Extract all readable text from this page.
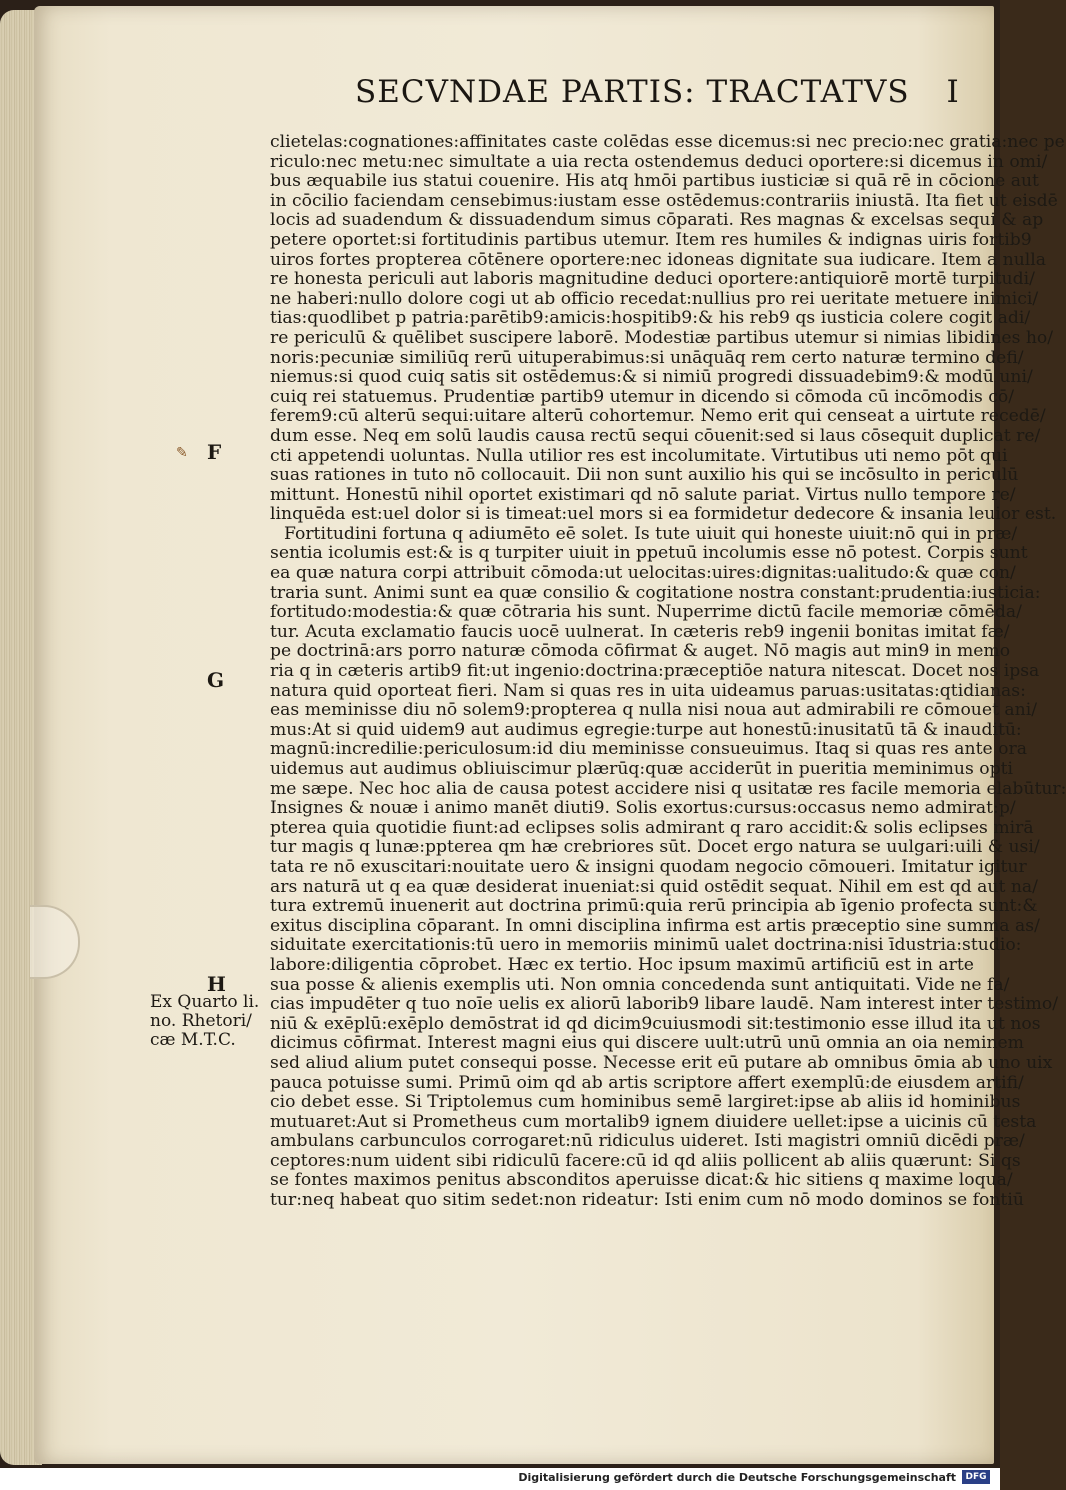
SECVNDAE PARTIS: TRACTATVS I
✎ F
G
H
Ex Quarto li.
no. Rhetori/
cæ M.T.C.
clietelas:cognationes:affinitates caste colēdas esse dicemus:si nec precio:nec gratia:nec pe
riculo:nec metu:nec simultate a uia recta ostendemus deduci oportere:si dicemus in omi/
bus æquabile ius statui couenire. His atq hmōi partibus iusticiæ si quā rē in cōcione aut
in cōcilio faciendam censebimus:iustam esse ostēdemus:contrariis iniustā. Ita fiet ut eisdē
locis ad suadendum & dissuadendum simus cōparati. Res magnas & excelsas sequi & ap
petere oportet:si fortitudinis partibus utemur. Item res humiles & indignas uiris fortib9
uiros fortes propterea cōtēnere oportere:nec idoneas dignitate sua iudicare. Item a nulla
re honesta periculi aut laboris magnitudine deduci oportere:antiquiorē mortē turpitudi/
ne haberi:nullo dolore cogi ut ab officio recedat:nullius pro rei ueritate metuere inimici/
tias:quodlibet p patria:parētib9:amicis:hospitib9:& his reb9 qs iusticia colere cogit adi/
re periculū & quēlibet suscipere laborē. Modestiæ partibus utemur si nimias libidines ho/
noris:pecuniæ similiūq rerū uituperabimus:si unāquāq rem certo naturæ termino defi/
niemus:si quod cuiq satis sit ostēdemus:& si nimiū progredi dissuadebim9:& modū uni/
cuiq rei statuemus. Prudentiæ partib9 utemur in dicendo si cōmoda cū incōmodis cō/
ferem9:cū alterū sequi:uitare alterū cohortemur. Nemo erit qui censeat a uirtute recedē/
dum esse. Neq em solū laudis causa rectū sequi cōuenit:sed si laus cōsequit duplicat re/
cti appetendi uoluntas. Nulla utilior res est incolumitate. Virtutibus uti nemo pōt qui
suas rationes in tuto nō collocauit. Dii non sunt auxilio his qui se incōsulto in periculū
mittunt. Honestū nihil oportet existimari qd nō salute pariat. Virtus nullo tempore re/
linquēda est:uel dolor si is timeat:uel mors si ea formidetur dedecore & insania leuior est.
Fortitudini fortuna q adiumēto eē solet. Is tute uiuit qui honeste uiuit:nō qui in præ/
sentia icolumis est:& is q turpiter uiuit in ppetuū incolumis esse nō potest. Corpis sunt
ea quæ natura corpi attribuit cōmoda:ut uelocitas:uires:dignitas:ualitudo:& quæ con/
traria sunt. Animi sunt ea quæ consilio & cogitatione nostra constant:prudentia:iusticia:
fortitudo:modestia:& quæ cōtraria his sunt. Nuperrime dictū facile memoriæ cōmēda/
tur. Acuta exclamatio faucis uocē uulnerat. In cæteris reb9 ingenii bonitas imitat fæ/
pe doctrinā:ars porro naturæ cōmoda cōfirmat & auget. Nō magis aut min9 in memo
ria q in cæteris artib9 fit:ut ingenio:doctrina:præceptiōe natura nitescat. Docet nos ipsa
natura quid oporteat fieri. Nam si quas res in uita uideamus paruas:usitatas:qtidianas:
eas meminisse diu nō solem9:propterea q nulla nisi noua aut admirabili re cōmouet ani/
mus:At si quid uidem9 aut audimus egregie:turpe aut honestū:inusitatū tā & inauditū:
magnū:incredilie:periculosum:id diu meminisse consueuimus. Itaq si quas res ante ora
uidemus aut audimus obliuiscimur plærūq:quæ acciderūt in pueritia meminimus opti
me sæpe. Nec hoc alia de causa potest accidere nisi q usitatæ res facile memoria elabūtur:
Insignes & nouæ i animo manēt diuti9. Solis exortus:cursus:occasus nemo admirat:p/
pterea quia quotidie fiunt:ad eclipses solis admirant q raro accidit:& solis eclipses mirā
tur magis q lunæ:ppterea qm hæ crebriores sūt. Docet ergo natura se uulgari:uili & usi/
tata re nō exuscitari:nouitate uero & insigni quodam negocio cōmoueri. Imitatur igitur
ars naturā ut q ea quæ desiderat inueniat:si quid ostēdit sequat. Nihil em est qd aut na/
tura extremū inuenerit aut doctrina primū:quia rerū principia ab īgenio profecta sunt:&
exitus disciplina cōparant. In omni disciplina infirma est artis præceptio sine summa as/
siduitate exercitationis:tū uero in memoriis minimū ualet doctrina:nisi īdustria:studio:
labore:diligentia cōprobet. Hæc ex tertio. Hoc ipsum maximū artificiū est in arte
sua posse & alienis exemplis uti. Non omnia concedenda sunt antiquitati. Vide ne fa/
cias impudēter q tuo noīe uelis ex aliorū laborib9 libare laudē. Nam interest inter testimo/
niū & exēplū:exēplo demōstrat id qd dicim9cuiusmodi sit:testimonio esse illud ita ut nos
dicimus cōfirmat. Interest magni eius qui discere uult:utrū unū omnia an oia neminem
sed aliud alium putet consequi posse. Necesse erit eū putare ab omnibus ōmia ab uno uix
pauca potuisse sumi. Primū oim qd ab artis scriptore affert exemplū:de eiusdem artifi/
cio debet esse. Si Triptolemus cum hominibus semē largiret:ipse ab aliis id hominibus
mutuaret:Aut si Prometheus cum mortalib9 ignem diuidere uellet:ipse a uicinis cū testa
ambulans carbunculos corrogaret:nū ridiculus uideret. Isti magistri omniū dicēdi præ/
ceptores:num uident sibi ridiculū facere:cū id qd aliis pollicent ab aliis quærunt: Si qs
se fontes maximos penitus absconditos aperuisse dicat:& hic sitiens q maxime loqua/
tur:neq habeat quo sitim sedet:non rideatur: Isti enim cum nō modo dominos se fontiū
Digitalisierung gefördert durch die Deutsche Forschungsgemeinschaft	DFG
